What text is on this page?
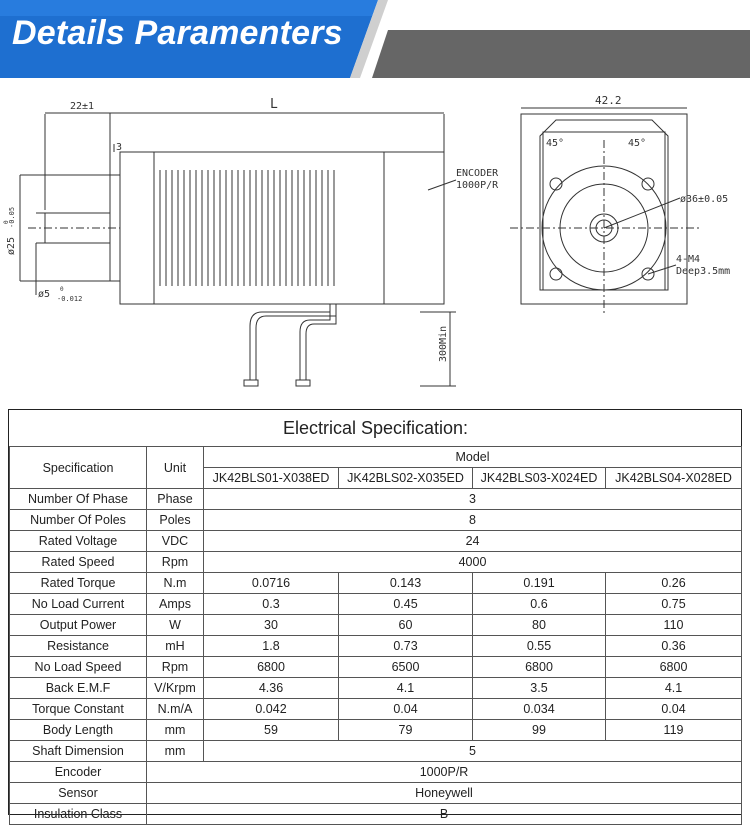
Details Paramenters
L
22±1
3
ø25
-0.05
0
ø5 -0.012
0
ENCODER
1000P/R
300Min
42.2
45°	45°
ø36±0.05
4-M4
Deep3.5mm
Electrical Specification:					
Specification	Unit	Model			
		JK42BLS01-X038ED	JK42BLS02-X035ED	JK42BLS03-X024ED	JK42BLS04-X028ED
Number Of Phase	Phase	3			
Number Of Poles	Poles	8			
Rated Voltage	VDC	24			
Rated Speed	Rpm	4000			
Rated Torque	N.m	0.0716	0.143	0.191	0.26
No Load Current	Amps	0.3	0.45	0.6	0.75
Output Power	W	30	60	80	110
Resistance	mH	1.8	0.73	0.55	0.36
No Load Speed	Rpm	6800	6500	6800	6800
Back E.M.F	V/Krpm	4.36	4.1	3.5	4.1
Torque Constant	N.m/A	0.042	0.04	0.034	0.04
Body Length	mm	59	79	99	119
Shaft Dimension	mm	5			
Encoder	1000P/R				
Sensor	Honeywell				
Insulation Class	B				
